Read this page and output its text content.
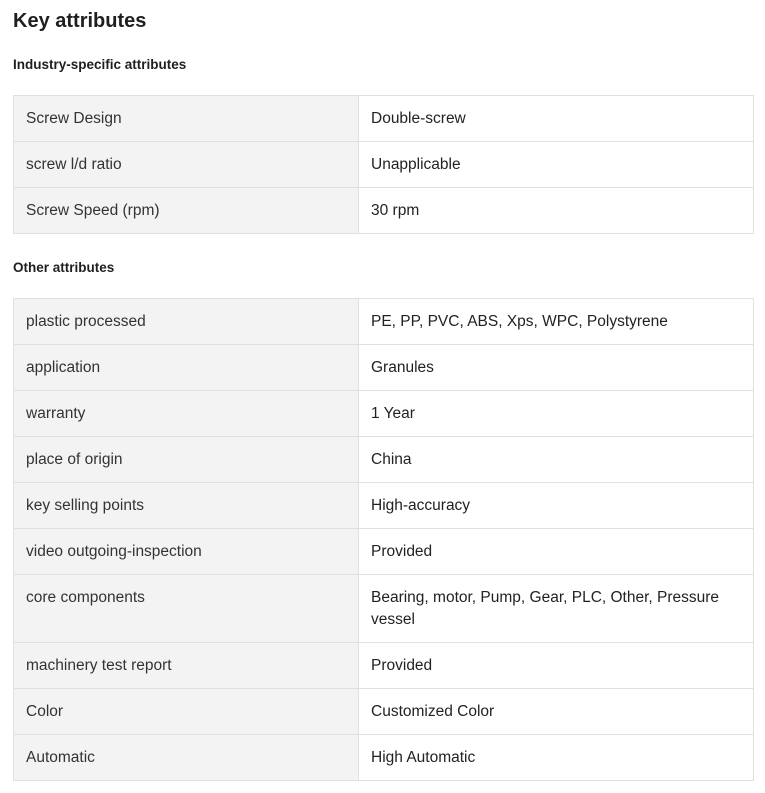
Key attributes
Industry-specific attributes
Screw Design	Double-screw
screw l/d ratio	Unapplicable
Screw Speed (rpm)	30 rpm
Other attributes
plastic processed	PE, PP, PVC, ABS, Xps, WPC, Polystyrene
application	Granules
warranty	1 Year
place of origin	China
key selling points	High-accuracy
video outgoing-inspection	Provided
core components	Bearing, motor, Pump, Gear, PLC, Other, Pressure vessel
machinery test report	Provided
Color	Customized Color
Automatic	High Automatic
